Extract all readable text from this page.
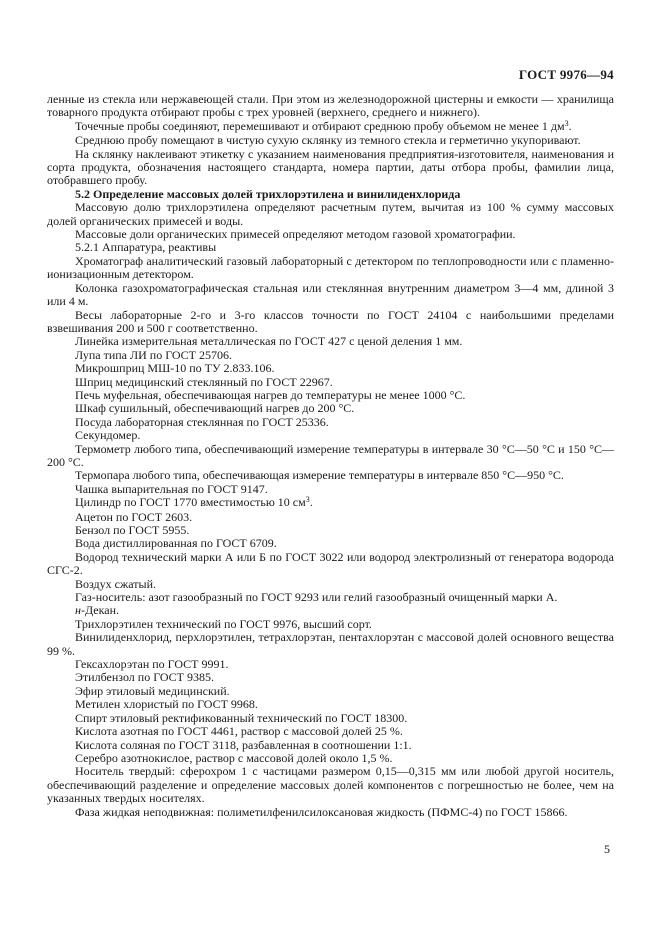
ГОСТ 9976—94

ленные из стекла или нержавеющей стали. При этом из железнодорожной цистерны и емкости — хранилища товарного продукта отбирают пробы с трех уровней (верхнего, среднего и нижнего).

Точечные пробы соединяют, перемешивают и отбирают среднюю пробу объемом не менее 1 $дм^3$.

Среднюю пробу помещают в чистую сухую склянку из темного стекла и герметично укупоривают.

На склянку наклеивают этикетку с указанием наименования предприятия-изготовителя, наименования и сорта продукта, обозначения настоящего стандарта, номера партии, даты отбора пробы, фамилии лица, отобравшего пробу.

5.2 Определение массовых долей трихлорэтилена и винилиденхлорида

Массовую долю трихлорэтилена определяют расчетным путем, вычитая из 100 % сумму массовых долей органических примесей и воды.

Массовые доли органических примесей определяют методом газовой хроматографии.

5.2.1 Аппаратура, реактивы

Хроматограф аналитический газовый лабораторный с детектором по теплопроводности или с пламенно-ионизационным детектором.

Колонка газохроматографическая стальная или стеклянная внутренним диаметром 3—4 мм, длиной 3 или 4 м.

Весы лабораторные 2-го и 3-го классов точности по ГОСТ 24104 с наибольшими пределами взвешивания 200 и 500 г соответственно.

Линейка измерительная металлическая по ГОСТ 427 с ценой деления 1 мм.

Лупа типа ЛИ по ГОСТ 25706.

Микрошприц МШ-10 по ТУ 2.833.106.

Шприц медицинский стеклянный по ГОСТ 22967.

Печь муфельная, обеспечивающая нагрев до температуры не менее 1000 °С.

Шкаф сушильный, обеспечивающий нагрев до 200 °С.

Посуда лабораторная стеклянная по ГОСТ 25336.

Секундомер.

Термометр любого типа, обеспечивающий измерение температуры в интервале 30 °С—50 °С и 150 °С—200 °С.

Термопара любого типа, обеспечивающая измерение температуры в интервале 850 °С—950 °С.

Чашка выпарительная по ГОСТ 9147.

Цилиндр по ГОСТ 1770 вместимостью 10 $см^3$.

Ацетон по ГОСТ 2603.

Бензол по ГОСТ 5955.

Вода дистиллированная по ГОСТ 6709.

Водород технический марки А или Б по ГОСТ 3022 или водород электролизный от генератора водорода СГС-2.

Воздух сжатый.

Газ-носитель: азот газообразный по ГОСТ 9293 или гелий газообразный очищенный марки А.

н-Декан.

Трихлорэтилен технический по ГОСТ 9976, высший сорт.

Винилиденхлорид, перхлорэтилен, тетрахлорэтан, пентахлорэтан с массовой долей основного вещества 99 %.

Гексахлорэтан по ГОСТ 9991.

Этилбензол по ГОСТ 9385.

Эфир этиловый медицинский.

Метилен хлористый по ГОСТ 9968.

Спирт этиловый ректификованный технический по ГОСТ 18300.

Кислота азотная по ГОСТ 4461, раствор с массовой долей 25 %.

Кислота соляная по ГОСТ 3118, разбавленная в соотношении 1:1.

Серебро азотнокислое, раствор с массовой долей около 1,5 %.

Носитель твердый: сферохром 1 с частицами размером 0,15—0,315 мм или любой другой носитель, обеспечивающий разделение и определение массовых долей компонентов с погрешностью не более, чем на указанных твердых носителях.

Фаза жидкая неподвижная: полиметилфенилсилоксановая жидкость (ПФМС-4) по ГОСТ 15866.

5
